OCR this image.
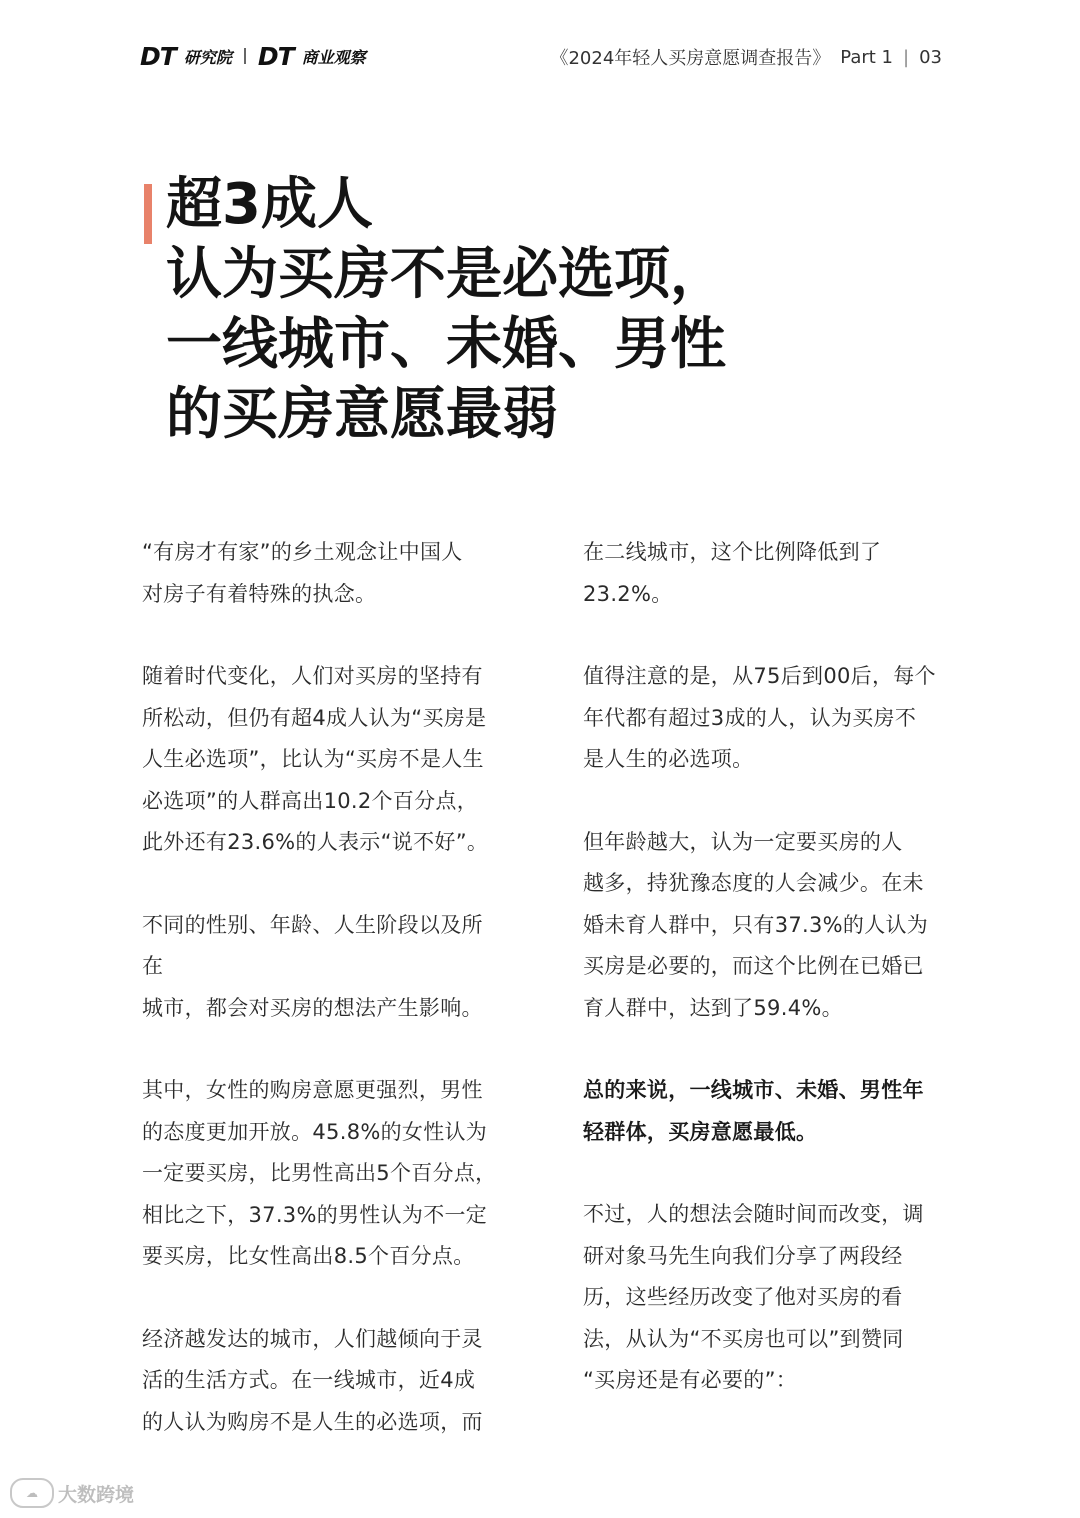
DT 研究院 DT 商业观察	《2024年轻人买房意愿调查报告》 Part 1 | 03
超3成人
认为买房不是必选项，
一线城市、未婚、男性
的买房意愿最弱

“有房才有家”的乡土观念让中国人
对房子有着特殊的执念。

随着时代变化，人们对买房的坚持有
所松动，但仍有超4成人认为“买房是
人生必选项”，比认为“买房不是人生
必选项”的人群高出10.2个百分点，
此外还有23.6%的人表示“说不好”。

不同的性别、年龄、人生阶段以及所在
城市，都会对买房的想法产生影响。

其中，女性的购房意愿更强烈，男性
的态度更加开放。45.8%的女性认为
一定要买房，比男性高出5个百分点，
相比之下，37.3%的男性认为不一定
要买房，比女性高出8.5个百分点。

经济越发达的城市，人们越倾向于灵
活的生活方式。在一线城市，近4成
的人认为购房不是人生的必选项，而

在二线城市，这个比例降低到了
23.2%。

值得注意的是，从75后到00后，每个
年代都有超过3成的人，认为买房不
是人生的必选项。

但年龄越大，认为一定要买房的人
越多，持犹豫态度的人会减少。在未
婚未育人群中，只有37.3%的人认为
买房是必要的，而这个比例在已婚已
育人群中，达到了59.4%。

总的来说，一线城市、未婚、男性年
轻群体，买房意愿最低。

不过，人的想法会随时间而改变，调
研对象马先生向我们分享了两段经
历，这些经历改变了他对买房的看
法，从认为“不买房也可以”到赞同
“买房还是有必要的”：

☁	大数跨境
